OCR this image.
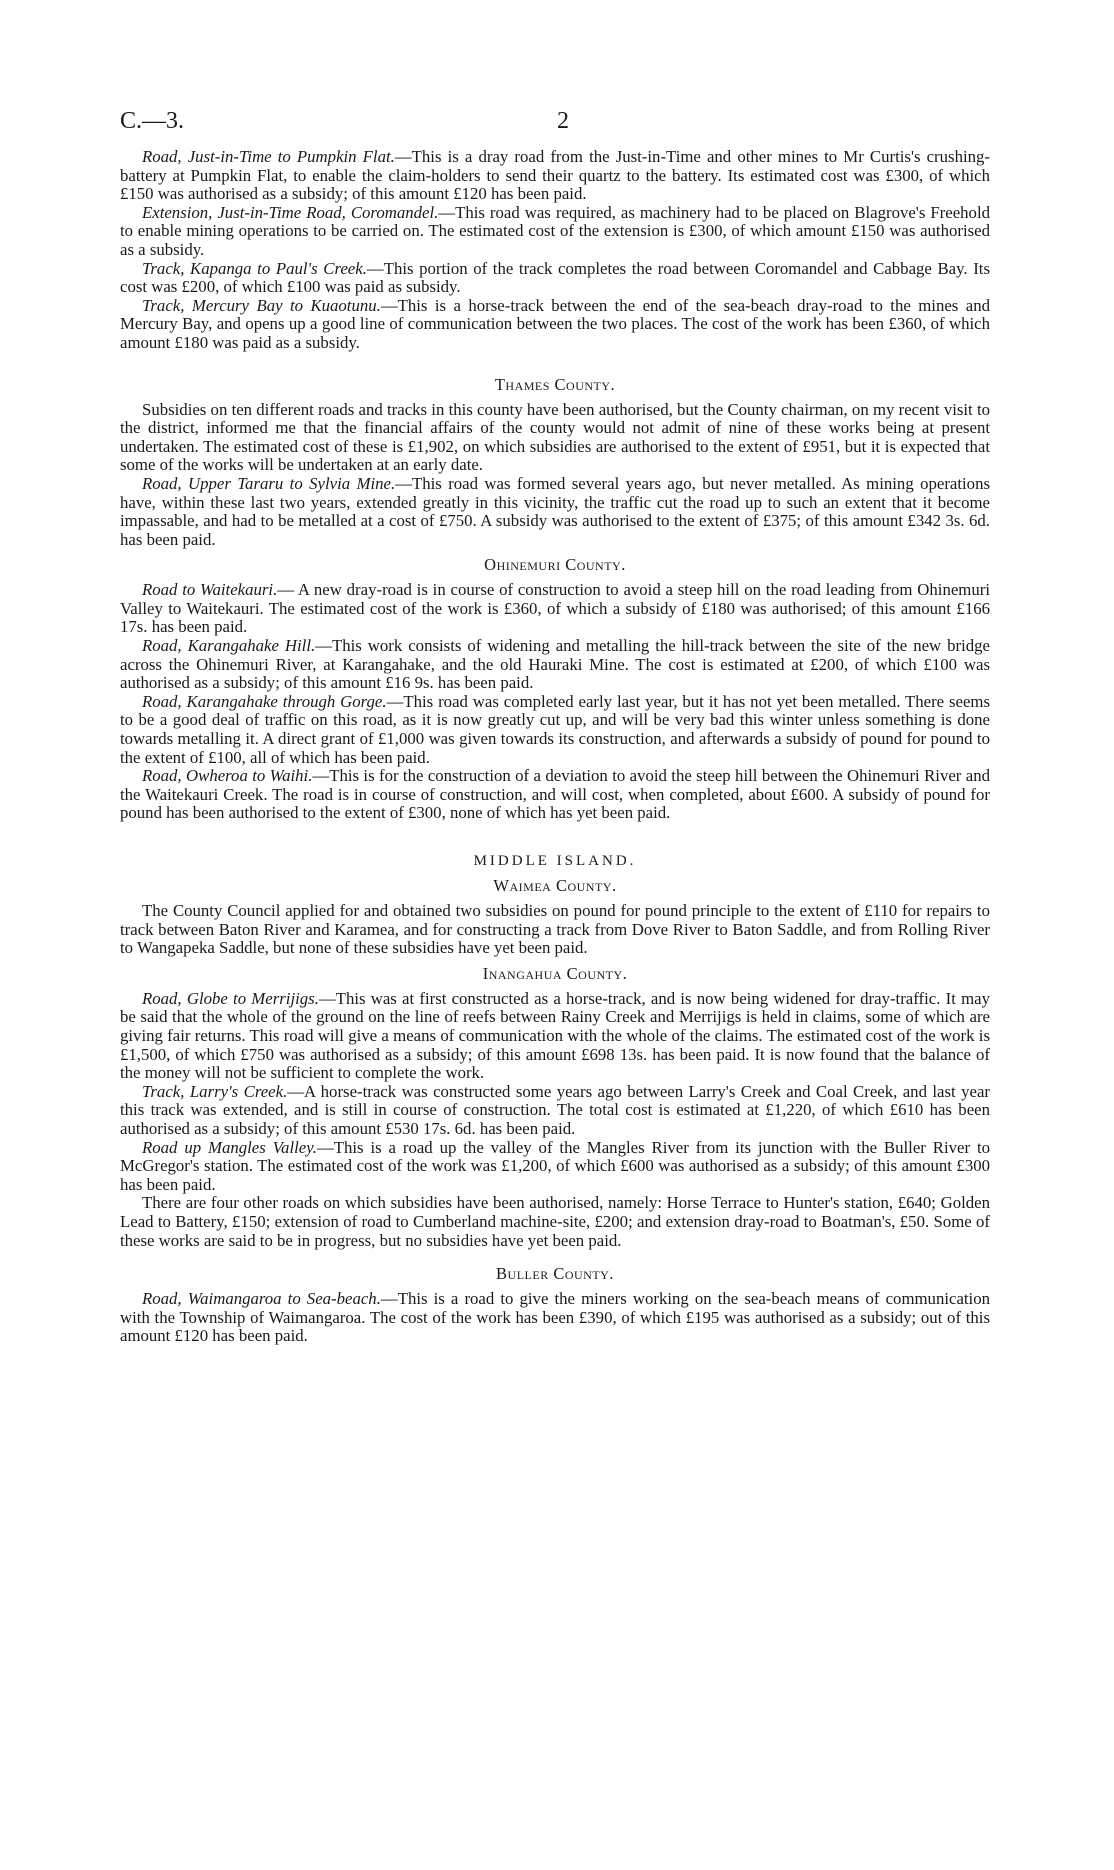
C.—3.	2

Road, Just-in-Time to Pumpkin Flat.—This is a dray road from the Just-in-Time and other mines to Mr Curtis's crushing-battery at Pumpkin Flat, to enable the claim-holders to send their quartz to the battery. Its estimated cost was £300, of which £150 was authorised as a subsidy; of this amount £120 has been paid.

Extension, Just-in-Time Road, Coromandel.—This road was required, as machinery had to be placed on Blagrove's Freehold to enable mining operations to be carried on. The estimated cost of the extension is £300, of which amount £150 was authorised as a subsidy.

Track, Kapanga to Paul's Creek.—This portion of the track completes the road between Coromandel and Cabbage Bay. Its cost was £200, of which £100 was paid as subsidy.

Track, Mercury Bay to Kuaotunu.—This is a horse-track between the end of the sea-beach dray-road to the mines and Mercury Bay, and opens up a good line of communication between the two places. The cost of the work has been £360, of which amount £180 was paid as a subsidy.

Thames County.

Subsidies on ten different roads and tracks in this county have been authorised, but the County chairman, on my recent visit to the district, informed me that the financial affairs of the county would not admit of nine of these works being at present undertaken. The estimated cost of these is £1,902, on which subsidies are authorised to the extent of £951, but it is expected that some of the works will be undertaken at an early date.

Road, Upper Tararu to Sylvia Mine.—This road was formed several years ago, but never metalled. As mining operations have, within these last two years, extended greatly in this vicinity, the traffic cut the road up to such an extent that it become impassable, and had to be metalled at a cost of £750. A subsidy was authorised to the extent of £375; of this amount £342 3s. 6d. has been paid.

Ohinemuri County.

Road to Waitekauri.— A new dray-road is in course of construction to avoid a steep hill on the road leading from Ohinemuri Valley to Waitekauri. The estimated cost of the work is £360, of which a subsidy of £180 was authorised; of this amount £166 17s. has been paid.

Road, Karangahake Hill.—This work consists of widening and metalling the hill-track between the site of the new bridge across the Ohinemuri River, at Karangahake, and the old Hauraki Mine. The cost is estimated at £200, of which £100 was authorised as a subsidy; of this amount £16 9s. has been paid.

Road, Karangahake through Gorge.—This road was completed early last year, but it has not yet been metalled. There seems to be a good deal of traffic on this road, as it is now greatly cut up, and will be very bad this winter unless something is done towards metalling it. A direct grant of £1,000 was given towards its construction, and afterwards a subsidy of pound for pound to the extent of £100, all of which has been paid.

Road, Owheroa to Waihi.—This is for the construction of a deviation to avoid the steep hill between the Ohinemuri River and the Waitekauri Creek. The road is in course of construction, and will cost, when completed, about £600. A subsidy of pound for pound has been authorised to the extent of £300, none of which has yet been paid.

MIDDLE ISLAND.
Waimea County.

The County Council applied for and obtained two subsidies on pound for pound principle to the extent of £110 for repairs to track between Baton River and Karamea, and for constructing a track from Dove River to Baton Saddle, and from Rolling River to Wangapeka Saddle, but none of these subsidies have yet been paid.

Inangahua County.

Road, Globe to Merrijigs.—This was at first constructed as a horse-track, and is now being widened for dray-traffic. It may be said that the whole of the ground on the line of reefs between Rainy Creek and Merrijigs is held in claims, some of which are giving fair returns. This road will give a means of communication with the whole of the claims. The estimated cost of the work is £1,500, of which £750 was authorised as a subsidy; of this amount £698 13s. has been paid. It is now found that the balance of the money will not be sufficient to complete the work.

Track, Larry's Creek.—A horse-track was constructed some years ago between Larry's Creek and Coal Creek, and last year this track was extended, and is still in course of construction. The total cost is estimated at £1,220, of which £610 has been authorised as a subsidy; of this amount £530 17s. 6d. has been paid.

Road up Mangles Valley.—This is a road up the valley of the Mangles River from its junction with the Buller River to McGregor's station. The estimated cost of the work was £1,200, of which £600 was authorised as a subsidy; of this amount £300 has been paid.

There are four other roads on which subsidies have been authorised, namely: Horse Terrace to Hunter's station, £640; Golden Lead to Battery, £150; extension of road to Cumberland machine-site, £200; and extension dray-road to Boatman's, £50. Some of these works are said to be in progress, but no subsidies have yet been paid.

Buller County.

Road, Waimangaroa to Sea-beach.—This is a road to give the miners working on the sea-beach means of communication with the Township of Waimangaroa. The cost of the work has been £390, of which £195 was authorised as a subsidy; out of this amount £120 has been paid.
